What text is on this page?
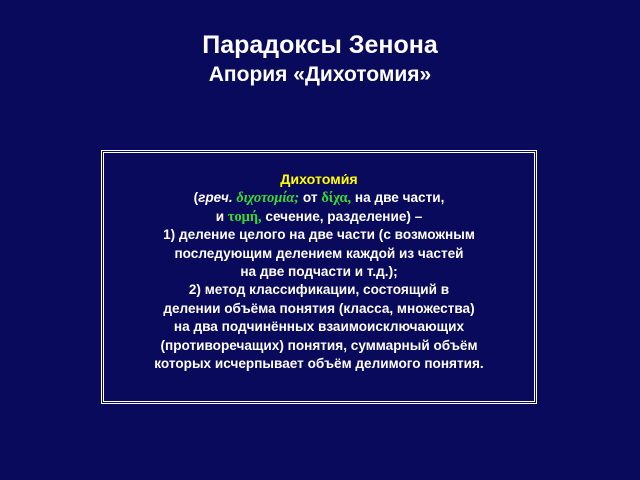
Парадоксы Зенона
Апория «Дихотомия»
Дихотоми́я
(греч. διχοτομία; от δίχα, на две части,
и τομή, сечение, разделение) –
1) деление целого на две части (с возможным
последующим делением каждой из частей
на две подчасти и т.д.);
2) метод классификации, состоящий в
делении объёма понятия (класса, множества)
на два подчинённых взаимоисключающих
(противоречащих) понятия, суммарный объём
которых исчерпывает объём делимого понятия.
